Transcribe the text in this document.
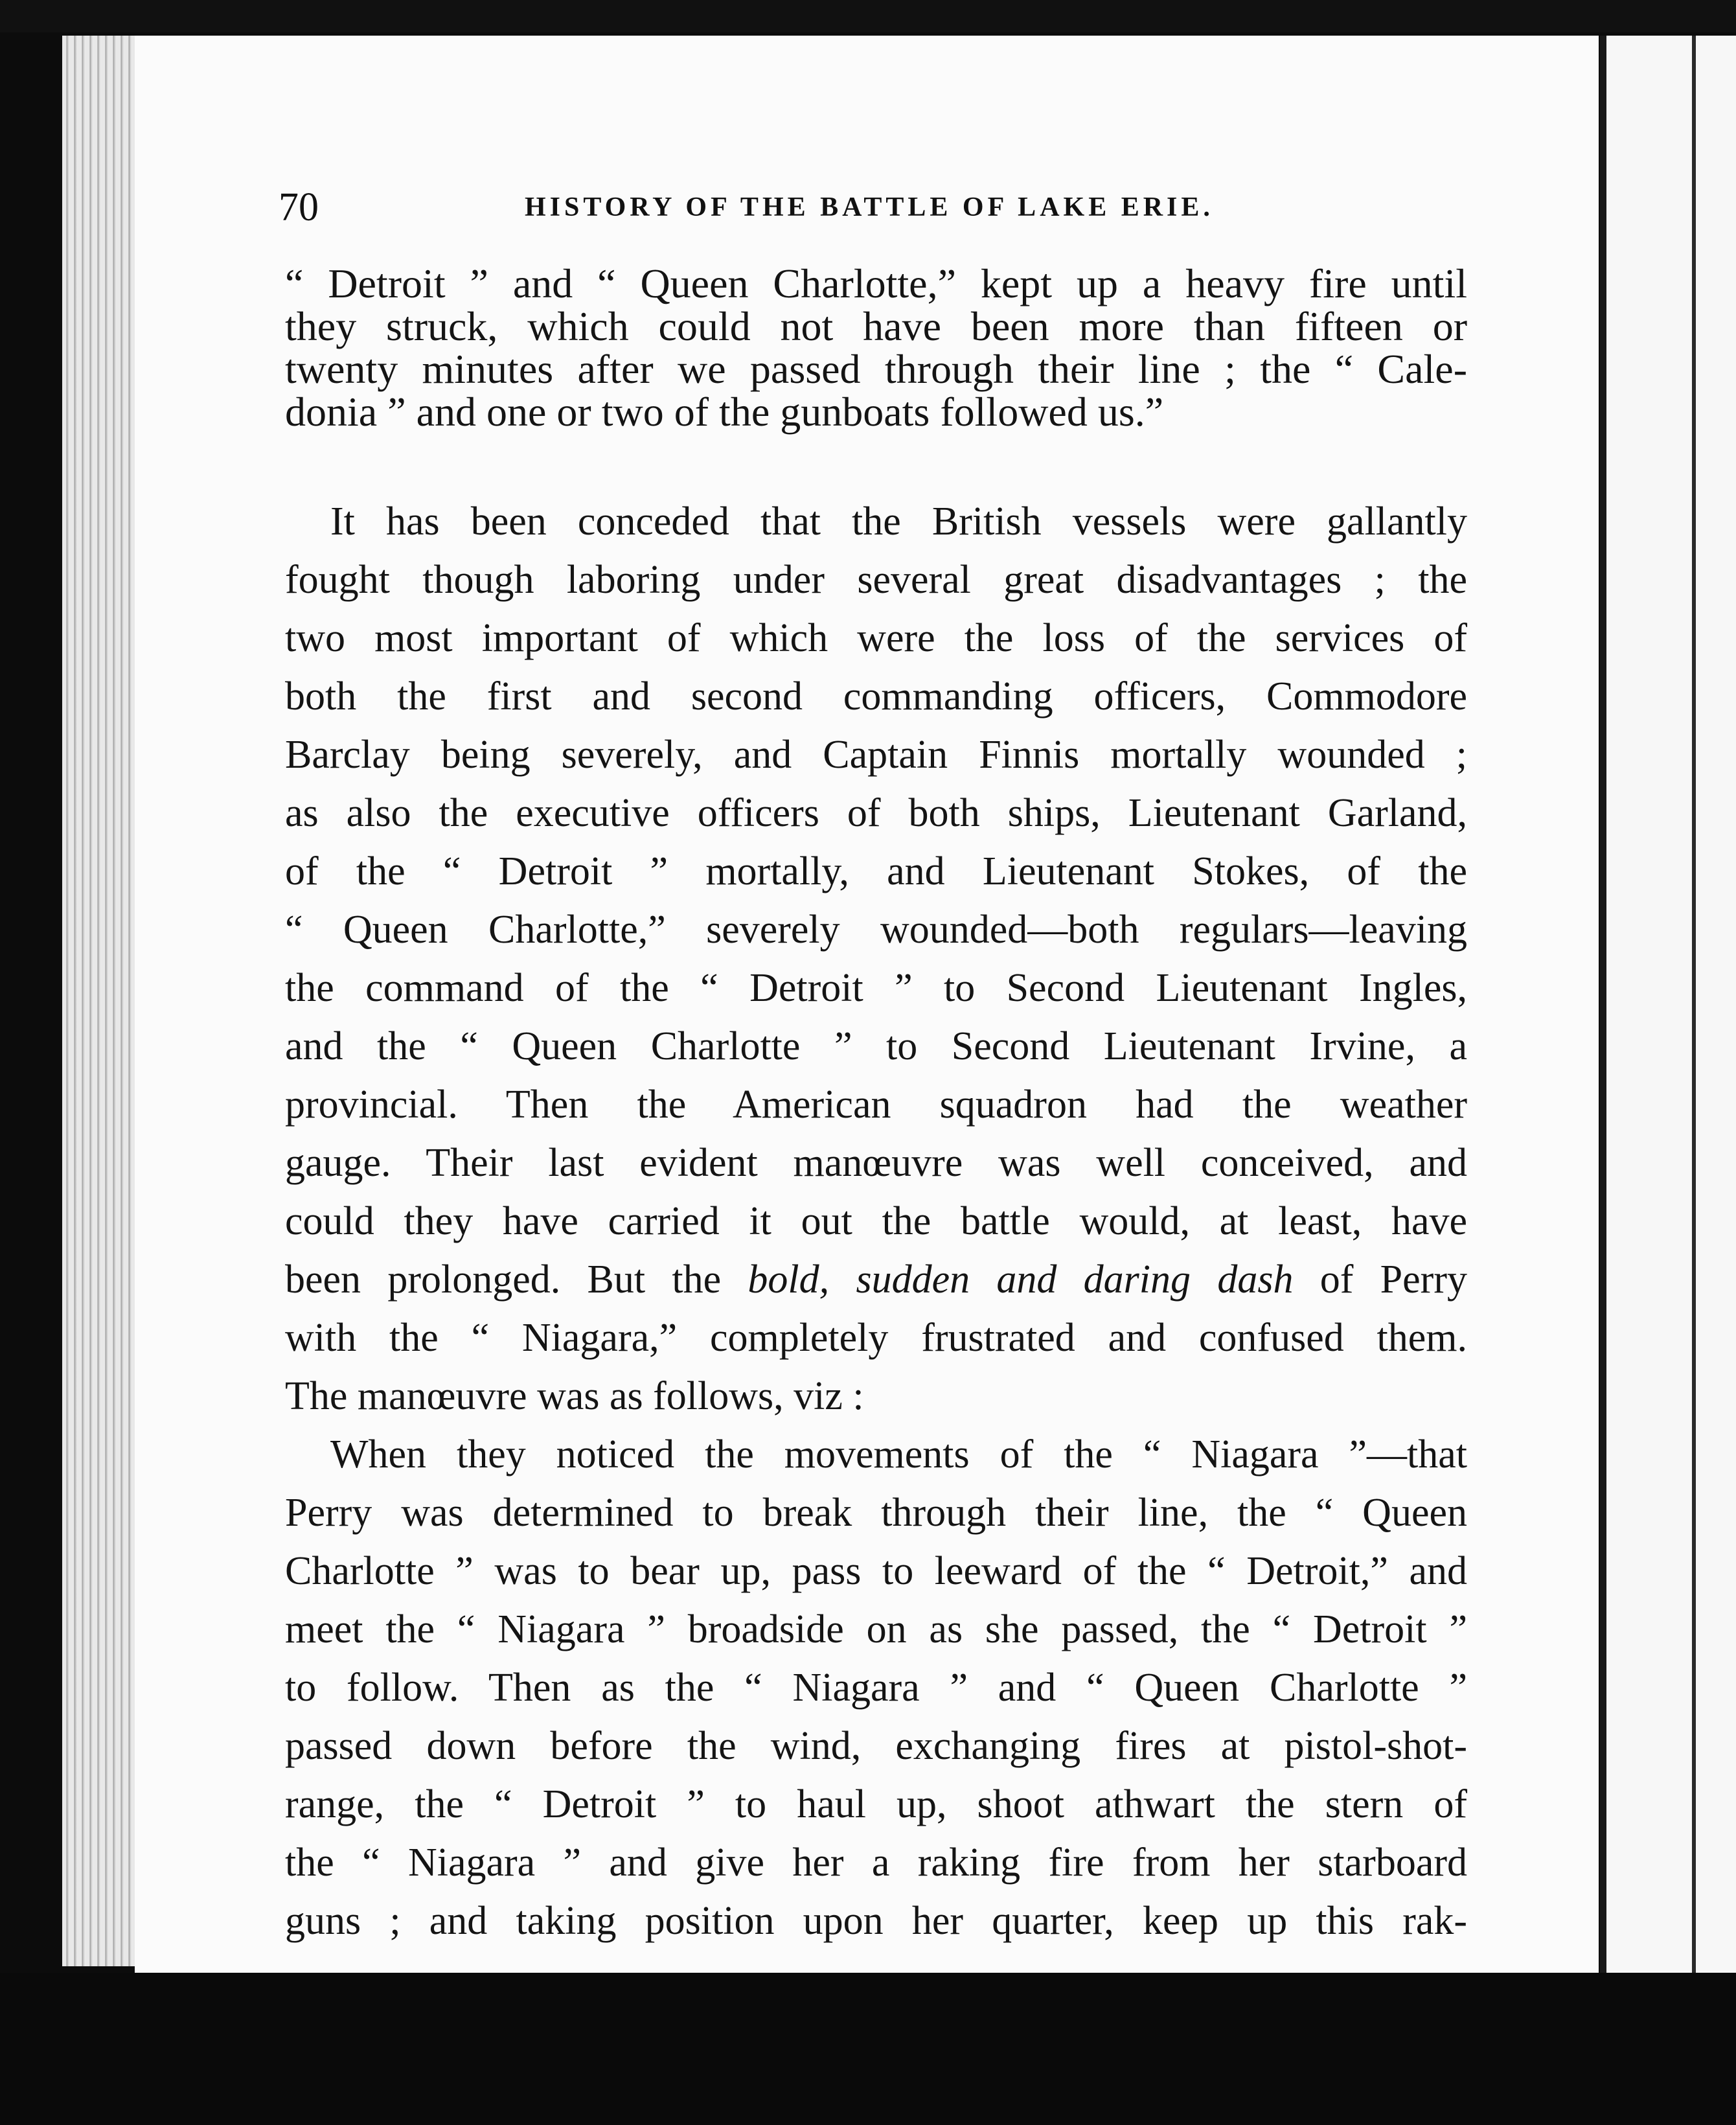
70	HISTORY OF THE BATTLE OF LAKE ERIE.
“ Detroit ” and “ Queen Charlotte,” kept up a heavy fire until
they struck, which could not have been more than fifteen or
twenty minutes after we passed through their line ; the “ Cale-
donia ” and one or two of the gunboats followed us.”
It has been conceded that the British vessels were gallantly
fought though laboring under several great disadvantages ; the
two most important of which were the loss of the services of
both the first and second commanding officers, Commodore
Barclay being severely, and Captain Finnis mortally wounded ;
as also the executive officers of both ships, Lieutenant Garland,
of the “ Detroit ” mortally, and Lieutenant Stokes, of the
“ Queen Charlotte,” severely wounded—both regulars—leaving
the command of the “ Detroit ” to Second Lieutenant Ingles,
and the “ Queen Charlotte ” to Second Lieutenant Irvine, a
provincial. Then the American squadron had the weather
gauge. Their last evident manœuvre was well conceived, and
could they have carried it out the battle would, at least, have
been prolonged. But the bold, sudden and daring dash of Perry
with the “ Niagara,” completely frustrated and confused them.
The manœuvre was as follows, viz :
When they noticed the movements of the “ Niagara ”—that
Perry was determined to break through their line, the “ Queen
Charlotte ” was to bear up, pass to leeward of the “ Detroit,” and
meet the “ Niagara ” broadside on as she passed, the “ Detroit ”
to follow. Then as the “ Niagara ” and “ Queen Charlotte ”
passed down before the wind, exchanging fires at pistol-shot-
range, the “ Detroit ” to haul up, shoot athwart the stern of
the “ Niagara ” and give her a raking fire from her starboard
guns ; and taking position upon her quarter, keep up this rak-
